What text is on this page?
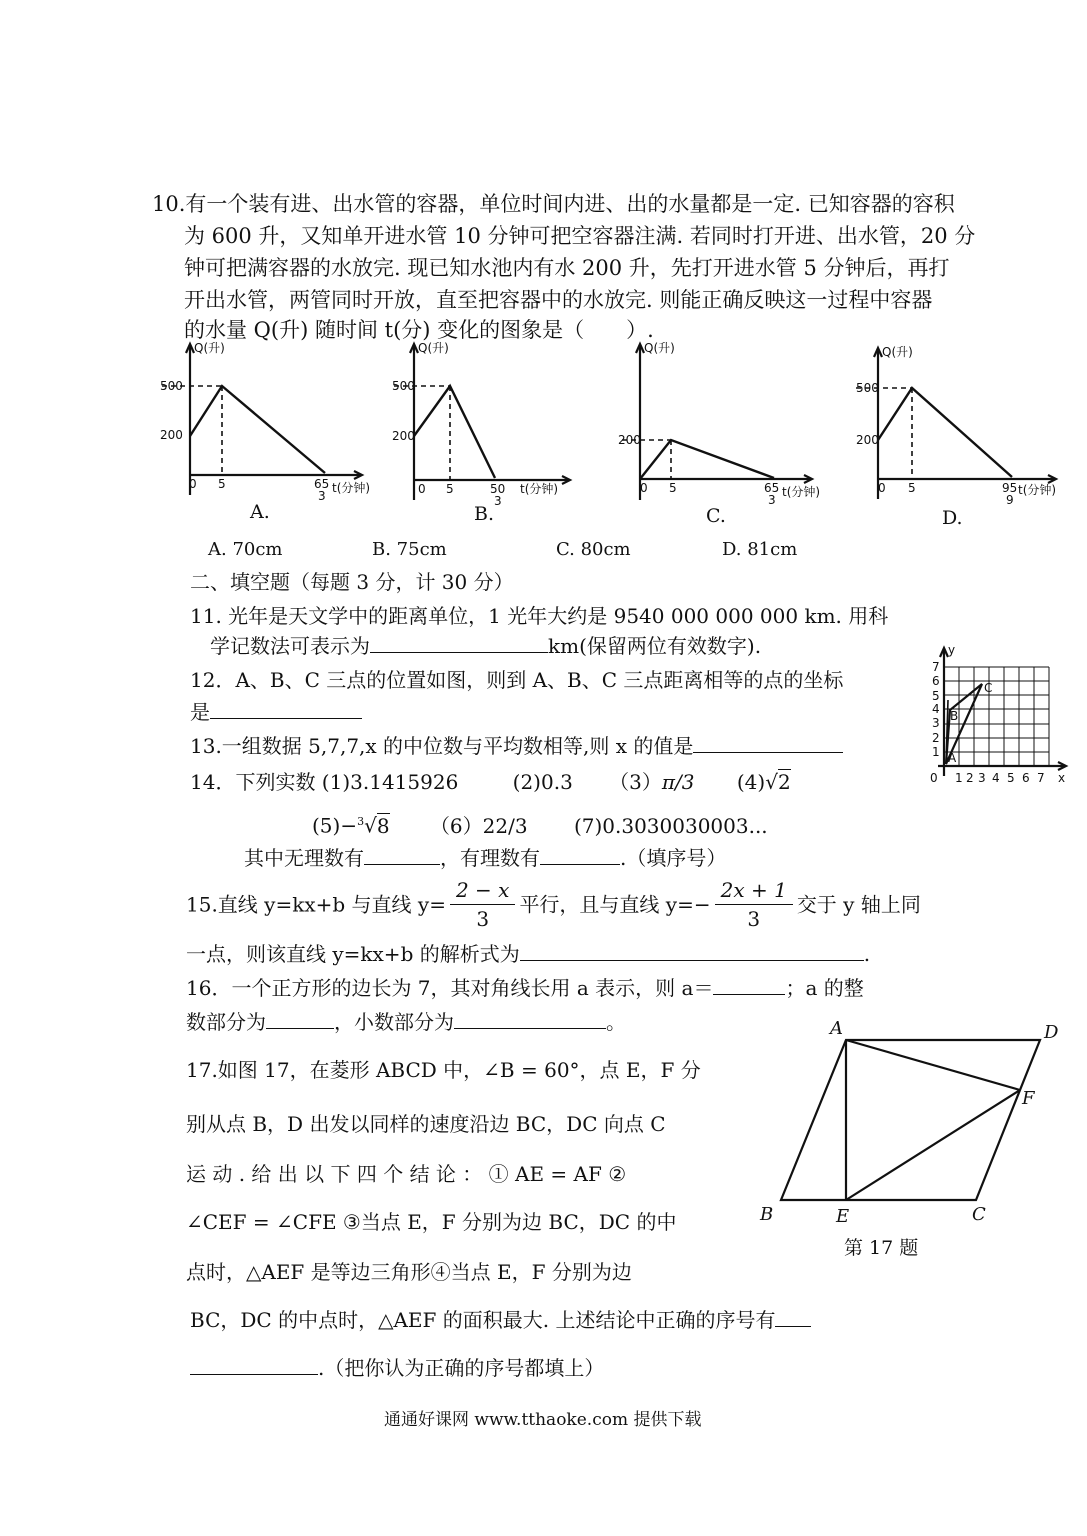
10.有一个装有进、出水管的容器，单位时间内进、出的水量都是一定. 已知容器的容积
为 600 升，又知单开进水管 10 分钟可把空容器注满. 若同时打开进、出水管，20 分
钟可把满容器的水放完. 现已知水池内有水 200 升，先打开进水管 5 分钟后，再打
开出水管，两管同时开放，直至把容器中的水放完. 则能正确反映这一过程中容器
的水量 Q(升) 随时间 t(分) 变化的图象是（　　）.
Q(升)
500
200
0 5	65
3
t(分钟)
A.
Q(升)
500
200
0 5	50
3
t(分钟)
B.
Q(升)
200
0 5	65
3
t(分钟)
C.
Q(升)
500
200
0 5	95
9
t(分钟)
D.
A. 70cm	B. 75cm	C. 80cm	D. 81cm
二、填空题（每题 3 分，计 30 分）
11. 光年是天文学中的距离单位，1 光年大约是 9540 000 000 000 km. 用科
学记数法可表示为	km(保留两位有效数字).
12．A、B、C 三点的位置如图，则到 A、B、C 三点距离相等的点的坐标
是
y
x
0
1
2
3
4
5
6
7
1 2 3 4 5 6 7
A
B
C
13.一组数据 5,7,7,x 的中位数与平均数相等,则 x 的值是
14．下列实数 (1)3.1415926	(2)0.3 （3）π/3 (4)√2
(5)−$^3$√8 （6）22/3 (7)0.3030030003...
其中无理数有	，有理数有	.（填序号）
15.直线 y=kx+b 与直线 $y= \frac{2 - x}{3}$ 平行，且与直线 $y=- \frac{2x + 1}{3}$ 交于 y 轴上同
一点，则该直线 y=kx+b 的解析式为	.
16．一个正方形的边长为 7，其对角线长用 a 表示，则 a＝	；a 的整
数部分为	，小数部分为	。
17.如图 17，在菱形 ABCD 中，∠B = 60°，点 E，F 分
别从点 B，D 出发以同样的速度沿边 BC，DC 向点 C
运 动 . 给 出 以 下 四 个 结 论 ： ① AE = AF ②
∠CEF = ∠CFE ③当点 E，F 分别为边 BC，DC 的中
点时，△AEF 是等边三角形④当点 E，F 分别为边
BC，DC 的中点时，△AEF 的面积最大. 上述结论中正确的序号有
.（把你认为正确的序号都填上）
A	D
F
B	E	C
第 17 题
通通好课网 www.tthaoke.com 提供下载
